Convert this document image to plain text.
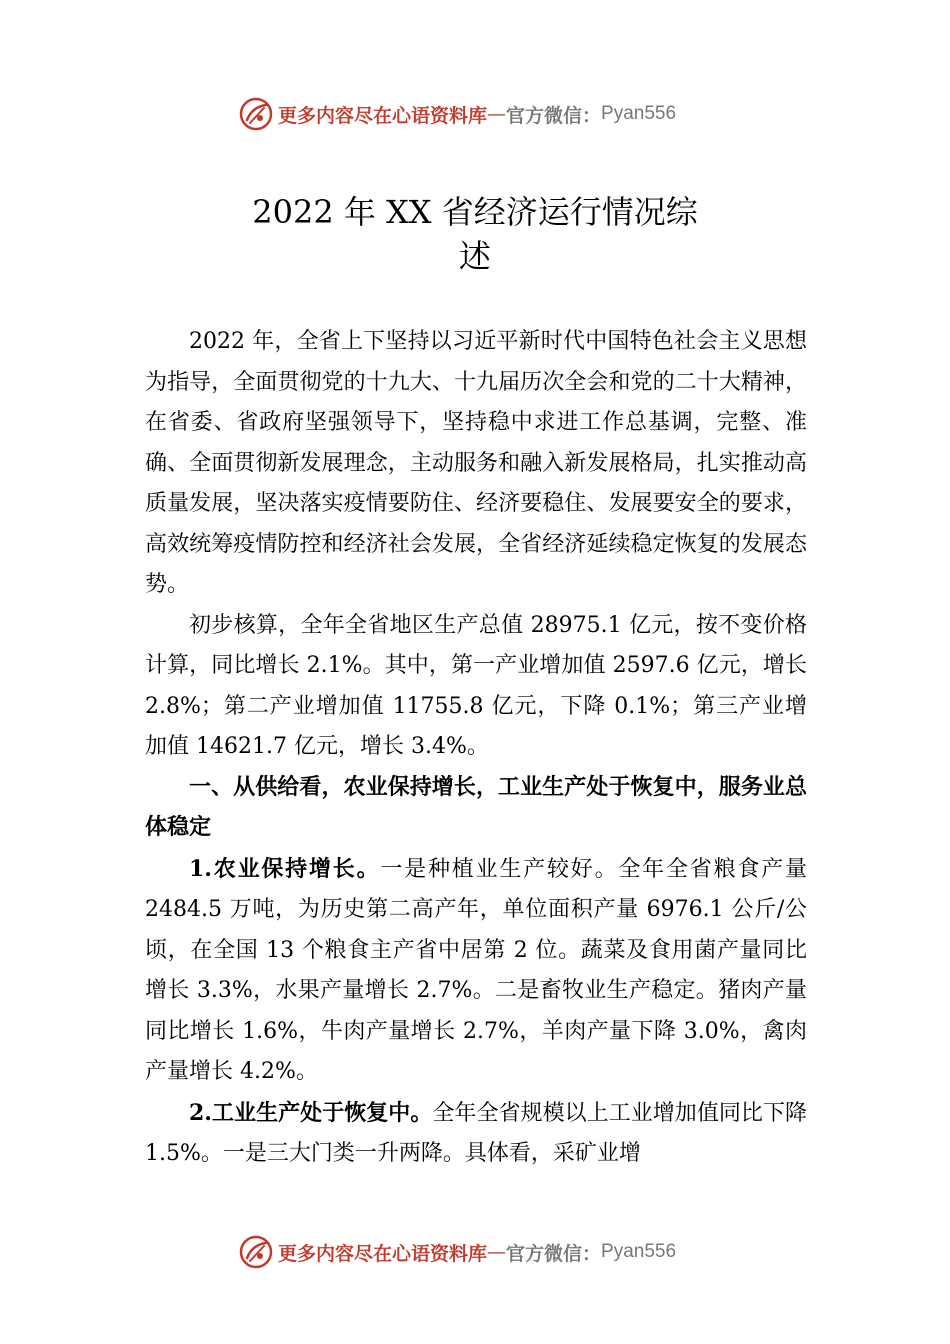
更多内容尽在心语资料库 — 官方微信： Pyan556
2022 年 XX 省经济运行情况综
述

2022 年，全省上下坚持以习近平新时代中国特色社会主义思想为指导，全面贯彻党的十九大、十九届历次全会和党的二十大精神，在省委、省政府坚强领导下，坚持稳中求进工作总基调，完整、准确、全面贯彻新发展理念，主动服务和融入新发展格局，扎实推动高质量发展，坚决落实疫情要防住、经济要稳住、发展要安全的要求，高效统筹疫情防控和经济社会发展，全省经济延续稳定恢复的发展态势。

初步核算，全年全省地区生产总值 28975.1 亿元，按不变价格计算，同比增长 2.1%。其中，第一产业增加值 2597.6 亿元，增长 2.8%；第二产业增加值 11755.8 亿元，下降 0.1%；第三产业增加值 14621.7 亿元，增长 3.4%。

一、从供给看，农业保持增长，工业生产处于恢复中，服务业总体稳定

1.农业保持增长。一是种植业生产较好。全年全省粮食产量 2484.5 万吨，为历史第二高产年，单位面积产量 6976.1 公斤/公顷，在全国 13 个粮食主产省中居第 2 位。蔬菜及食用菌产量同比增长 3.3%，水果产量增长 2.7%。二是畜牧业生产稳定。猪肉产量同比增长 1.6%，牛肉产量增长 2.7%，羊肉产量下降 3.0%，禽肉产量增长 4.2%。

2.工业生产处于恢复中。全年全省规模以上工业增加值同比下降 1.5%。一是三大门类一升两降。具体看，采矿业增

更多内容尽在心语资料库 — 官方微信： Pyan556
